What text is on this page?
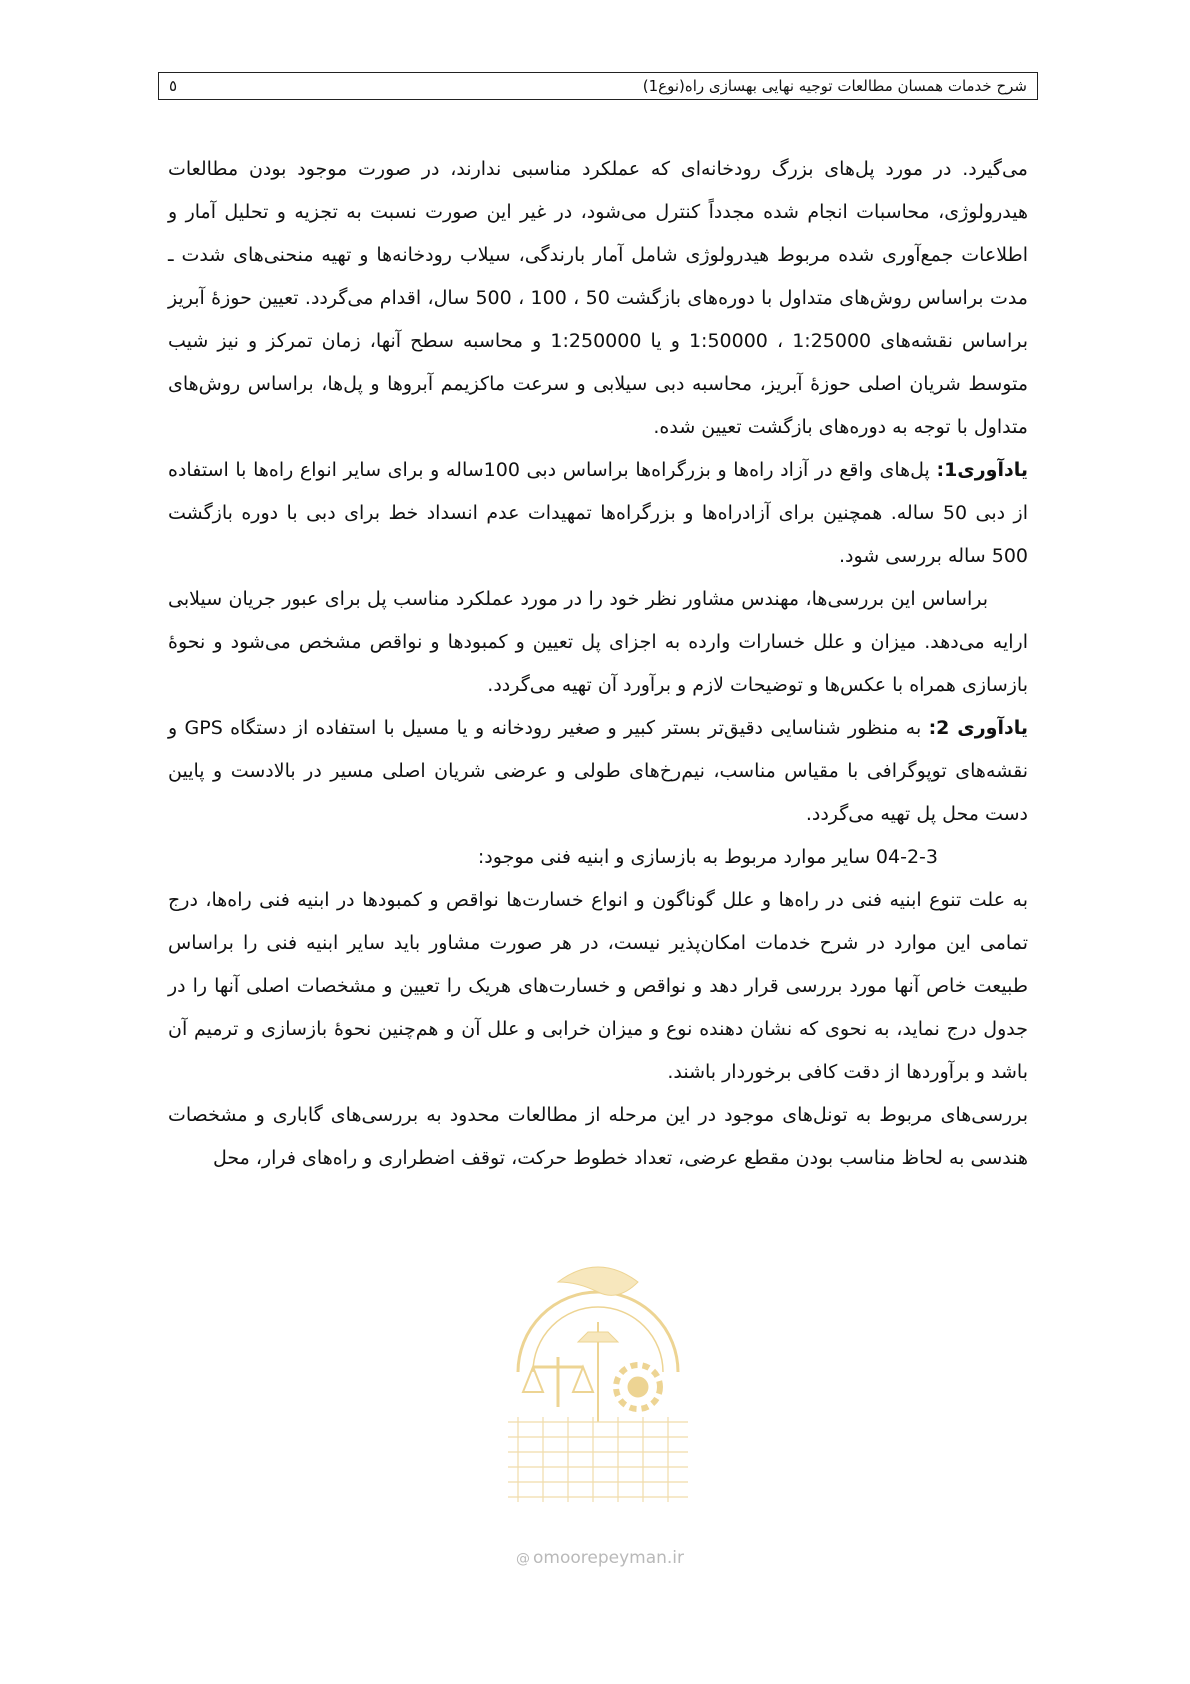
شرح خدمات همسان مطالعات توجیه نهایی بهسازی راه(نوع1)
٥

می‌گیرد. در مورد پل‌های بزرگ رودخانه‌ای که عملکرد مناسبی ندارند، در صورت موجود بودن مطالعات هیدرولوژی، محاسبات انجام شده مجدداً کنترل می‌شود، در غیر این صورت نسبت به تجزیه و تحلیل آمار و اطلاعات جمع‌آوری شده مربوط هیدرولوژی شامل آمار بارندگی، سیلاب رودخانه‌ها و تهیه منحنی‌های شدت ـ مدت براساس روش‌های متداول با دوره‌های بازگشت 50 ، 100 ، 500 سال، اقدام می‌گردد. تعیین حوزهٔ آبریز براساس نقشه‌های 1:25000 ، 1:50000 و یا 1:250000 و محاسبه سطح آنها، زمان تمرکز و نیز شیب متوسط شریان اصلی حوزهٔ آبریز، محاسبه دبی سیلابی و سرعت ماکزیمم آبروها و پل‌ها، براساس روش‌های متداول با توجه به دوره‌های بازگشت تعیین شده.

یادآوری1: پل‌های واقع در آزاد راه‌ها و بزرگراه‌ها براساس دبی 100ساله و برای سایر انواع راه‌ها با استفاده از دبی 50 ساله. همچنین برای آزادراه‌ها و بزرگراه‌ها تمهیدات عدم انسداد خط برای دبی با دوره بازگشت 500 ساله بررسی شود.

براساس این بررسی‌ها، مهندس مشاور نظر خود را در مورد عملکرد مناسب پل برای عبور جریان سیلابی ارایه می‌دهد. میزان و علل خسارات وارده به اجزای پل تعیین و کمبودها و نواقص مشخص می‌شود و نحوهٔ بازسازی همراه با عکس‌ها و توضیحات لازم و برآورد آن تهیه می‌گردد.

یادآوری 2: به منظور شناسایی دقیق‌تر بستر کبیر و صغیر رودخانه و یا مسیل با استفاده از دستگاه GPS و نقشه‌های توپوگرافی با مقیاس مناسب، نیم‌رخ‌های طولی و عرضی شریان اصلی مسیر در بالادست و پایین دست محل پل تهیه می‌گردد.

04-2-3 سایر موارد مربوط به بازسازی و ابنیه فنی موجود:

به علت تنوع ابنیه فنی در راه‌ها و علل گوناگون و انواع خسارت‌ها نواقص و کمبودها در ابنیه فنی راه‌ها، درج تمامی این موارد در شرح خدمات امکان‌پذیر نیست، در هر صورت مشاور باید سایر ابنیه فنی را براساس طبیعت خاص آنها مورد بررسی قرار دهد و نواقص و خسارت‌های هریک را تعیین و مشخصات اصلی آنها را در جدول درج نماید، به نحوی که نشان دهنده نوع و میزان خرابی و علل آن و هم‌چنین نحوهٔ بازسازی و ترمیم آن باشد و برآوردها از دقت کافی برخوردار باشند.

بررسی‌های مربوط به تونل‌های موجود در این مرحله از مطالعات محدود به بررسی‌های گاباری و مشخصات هندسی به لحاظ مناسب بودن مقطع عرضی، تعداد خطوط حرکت، توقف اضطراری و راه‌های فرار، محل

@ omoorepeyman.ir
